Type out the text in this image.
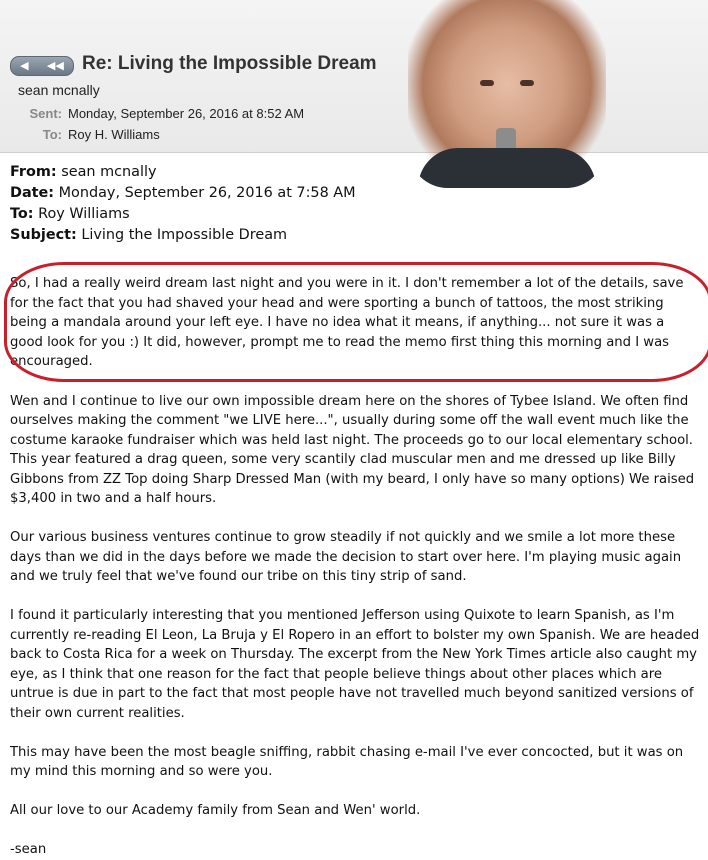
◀ ◀◀ Re: Living the Impossible Dream
sean mcnally
Sent: Monday, September 26, 2016 at 8:52 AM
To: Roy H. Williams

From: sean mcnally

Date: Monday, September 26, 2016 at 7:58 AM

To: Roy Williams

Subject: Living the Impossible Dream

So, I had a really weird dream last night and you were in it. I don't remember a lot of the details, save for the fact that you had shaved your head and were sporting a bunch of tattoos, the most striking being a mandala around your left eye. I have no idea what it means, if anything... not sure it was a good look for you :) It did, however, prompt me to read the memo first thing this morning and I was encouraged.

Wen and I continue to live our own impossible dream here on the shores of Tybee Island. We often find ourselves making the comment "we LIVE here...", usually during some off the wall event much like the costume karaoke fundraiser which was held last night. The proceeds go to our local elementary school. This year featured a drag queen, some very scantily clad muscular men and me dressed up like Billy Gibbons from ZZ Top doing Sharp Dressed Man (with my beard, I only have so many options) We raised $3,400 in two and a half hours.

Our various business ventures continue to grow steadily if not quickly and we smile a lot more these days than we did in the days before we made the decision to start over here. I'm playing music again and we truly feel that we've found our tribe on this tiny strip of sand.

I found it particularly interesting that you mentioned Jefferson using Quixote to learn Spanish, as I'm currently re-reading El Leon, La Bruja y El Ropero in an effort to bolster my own Spanish. We are headed back to Costa Rica for a week on Thursday. The excerpt from the New York Times article also caught my eye, as I think that one reason for the fact that people believe things about other places which are untrue is due in part to the fact that most people have not travelled much beyond sanitized versions of their own current realities.

This may have been the most beagle sniffing, rabbit chasing e-mail I've ever concocted, but it was on my mind this morning and so were you.

All our love to our Academy family from Sean and Wen' world.

-sean
